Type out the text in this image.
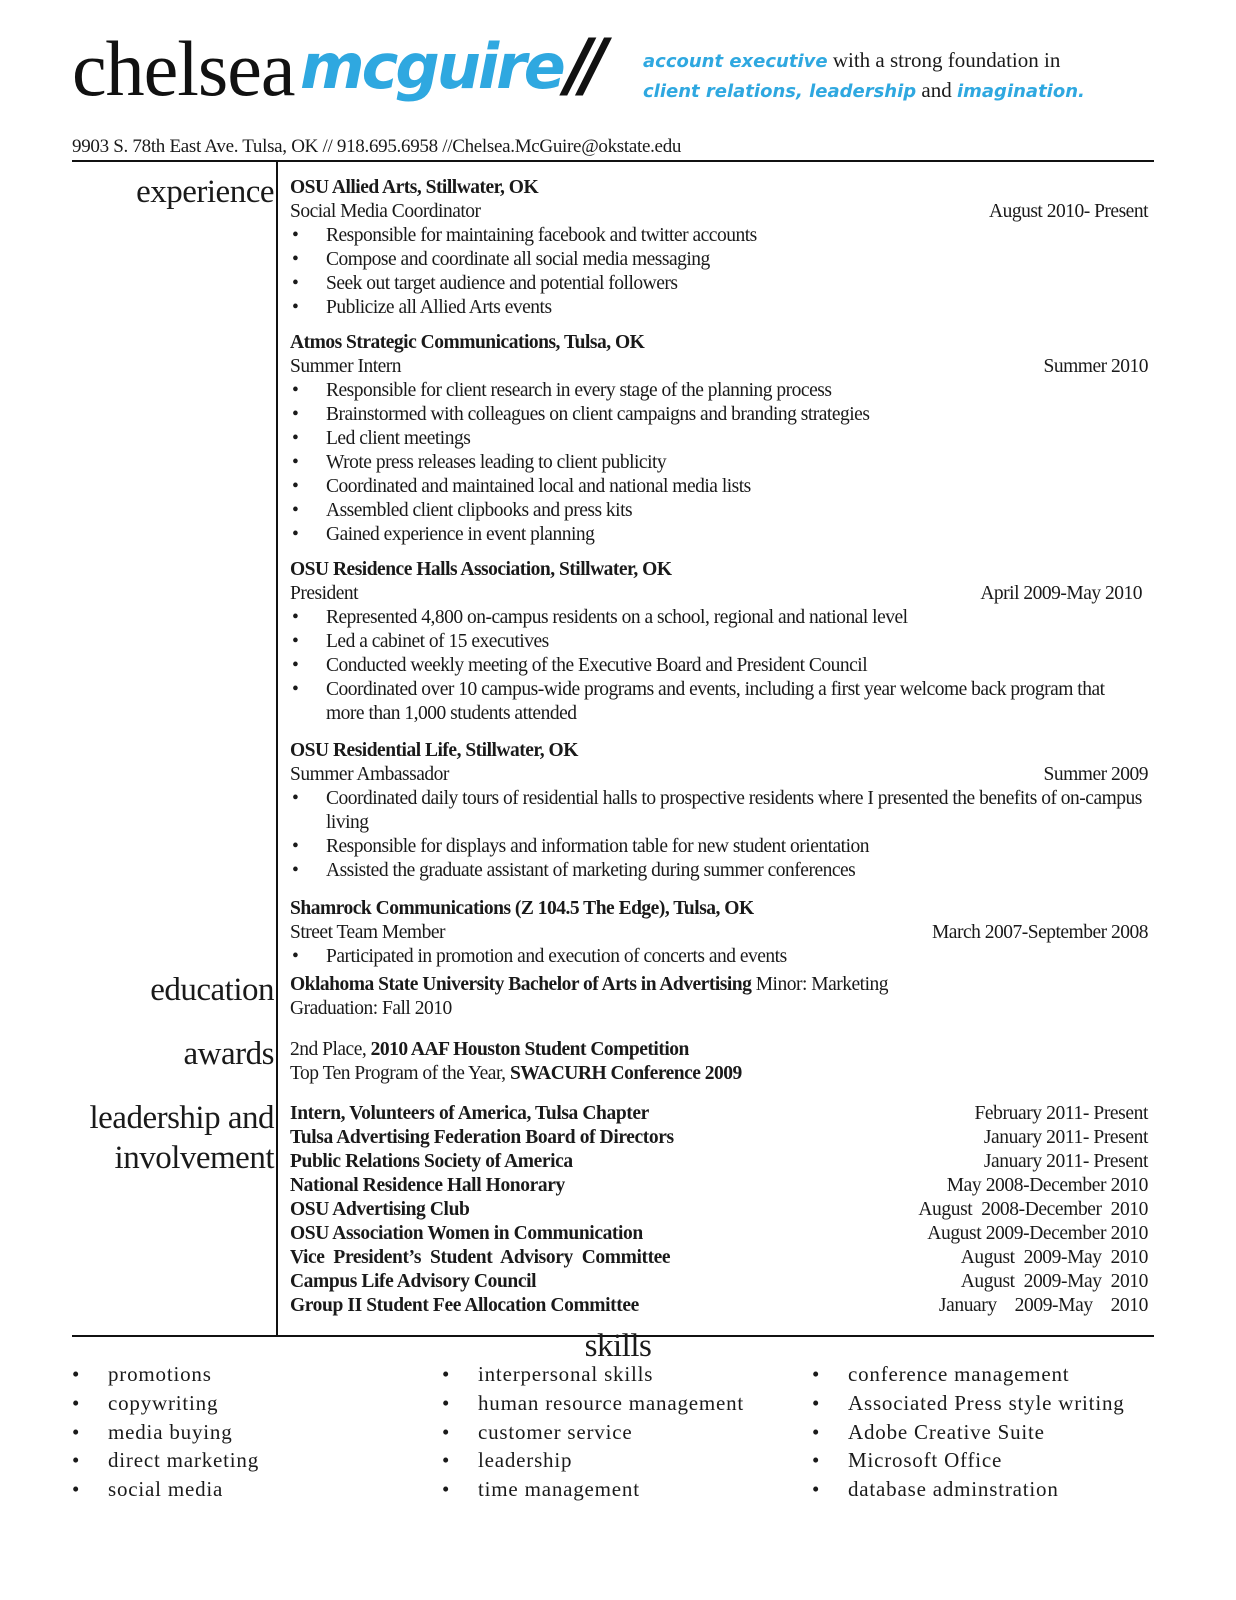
chelsea mcguire //	account executive with a strong foundation in
client relations, leadership and imagination.
9903 S. 78th East Ave. Tulsa, OK // 918.695.6958 //Chelsea.McGuire@okstate.edu
experience
education
awards
leadership and
involvement
OSU Allied Arts, Stillwater, OK
Social Media Coordinator	August 2010- Present
• Responsible for maintaining facebook and twitter accounts
• Compose and coordinate all social media messaging
• Seek out target audience and potential followers
• Publicize all Allied Arts events
Atmos Strategic Communications, Tulsa, OK
Summer Intern	Summer 2010
• Responsible for client research in every stage of the planning process
• Brainstormed with colleagues on client campaigns and branding strategies
• Led client meetings
• Wrote press releases leading to client publicity
• Coordinated and maintained local and national media lists
• Assembled client clipbooks and press kits
• Gained experience in event planning
OSU Residence Halls Association, Stillwater, OK
President	April 2009-May 2010
• Represented 4,800 on-campus residents on a school, regional and national level
• Led a cabinet of 15 executives
• Conducted weekly meeting of the Executive Board and President Council
• Coordinated over 10 campus-wide programs and events, including a first year welcome back program that more than 1,000 students attended
OSU Residential Life, Stillwater, OK
Summer Ambassador	Summer 2009
• Coordinated daily tours of residential halls to prospective residents where I presented the benefits of on-campus living
• Responsible for displays and information table for new student orientation
• Assisted the graduate assistant of marketing during summer conferences
Shamrock Communications (Z 104.5 The Edge), Tulsa, OK
Street Team Member	March 2007-September 2008
• Participated in promotion and execution of concerts and events
Oklahoma State University Bachelor of Arts in Advertising Minor: Marketing
Graduation: Fall 2010
2nd Place, 2010 AAF Houston Student Competition
Top Ten Program of the Year, SWACURH Conference 2009
Intern, Volunteers of America, Tulsa Chapter	February 2011- Present
Tulsa Advertising Federation Board of Directors	January 2011- Present
Public Relations Society of America	January 2011- Present
National Residence Hall Honorary	May 2008-December 2010
OSU Advertising Club	August  2008-December  2010
OSU Association Women in Communication	August 2009-December 2010
Vice  President’s  Student  Advisory  Committee	August  2009-May  2010
Campus Life Advisory Council	August  2009-May  2010
Group II Student Fee Allocation Committee	January    2009-May    2010
skills
• promotions
• copywriting
• media buying
• direct marketing
• social media
• interpersonal skills
• human resource management
• customer service
• leadership
• time management
• conference management
• Associated Press style writing
• Adobe Creative Suite
• Microsoft Office
• database adminstration
